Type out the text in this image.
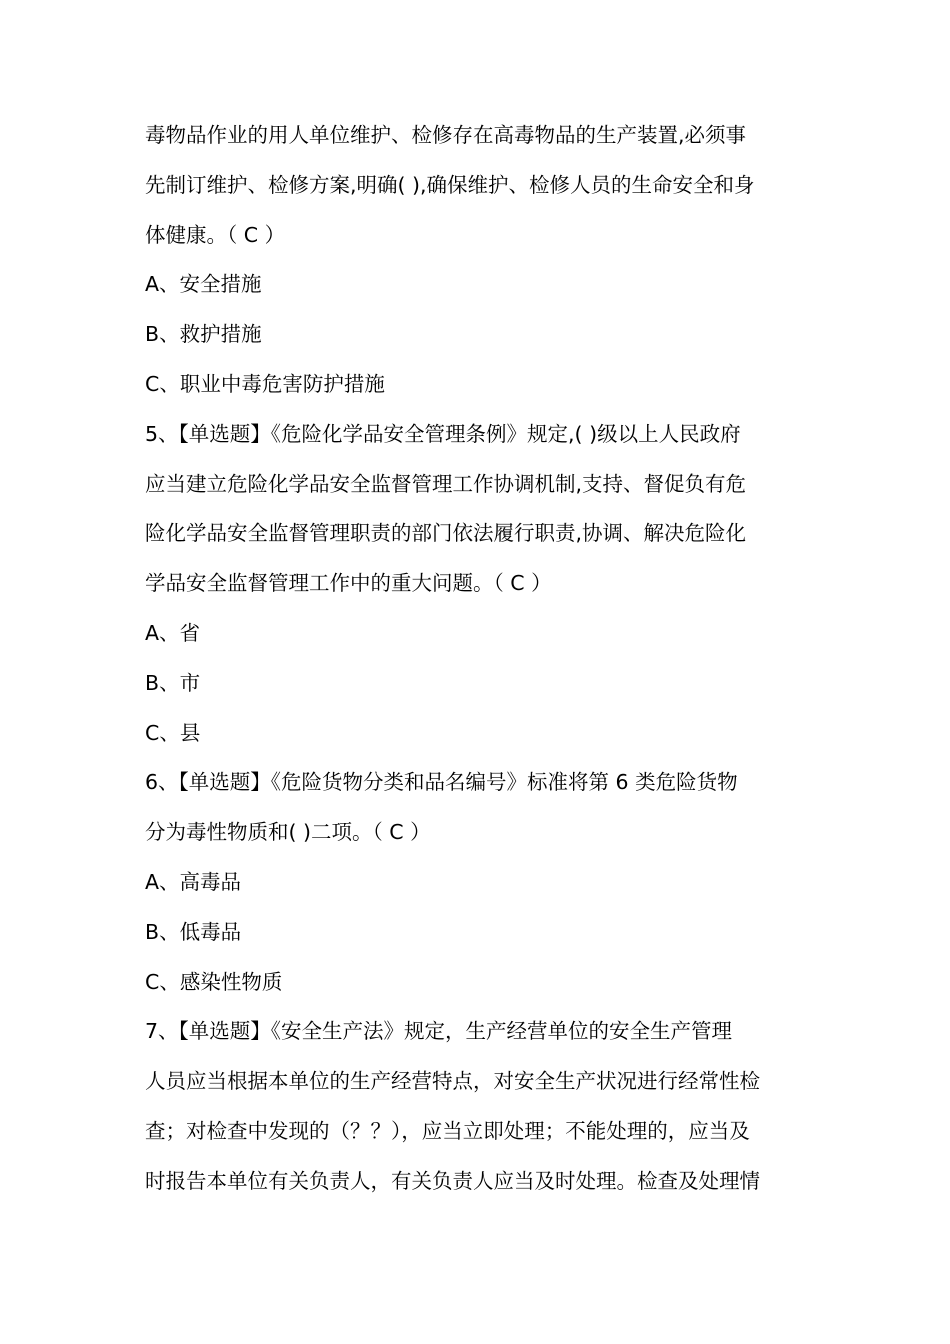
毒物品作业的用人单位维护、检修存在高毒物品的生产装置,必须事
先制订维护、检修方案,明确( ),确保维护、检修人员的生命安全和身
体健康。（ C ）
A、安全措施
B、救护措施
C、职业中毒危害防护措施
5、【单选题】《危险化学品安全管理条例》规定,( )级以上人民政府
应当建立危险化学品安全监督管理工作协调机制,支持、督促负有危
险化学品安全监督管理职责的部门依法履行职责,协调、解决危险化
学品安全监督管理工作中的重大问题。（ C ）
A、省
B、市
C、县
6、【单选题】《危险货物分类和品名编号》标准将第 6 类危险货物
分为毒性物质和( )二项。（ C ）
A、高毒品
B、低毒品
C、感染性物质
7、【单选题】《安全生产法》规定，生产经营单位的安全生产管理
人员应当根据本单位的生产经营特点，对安全生产状况进行经常性检
查；对检查中发现的（？？），应当立即处理；不能处理的，应当及
时报告本单位有关负责人，有关负责人应当及时处理。检查及处理情
